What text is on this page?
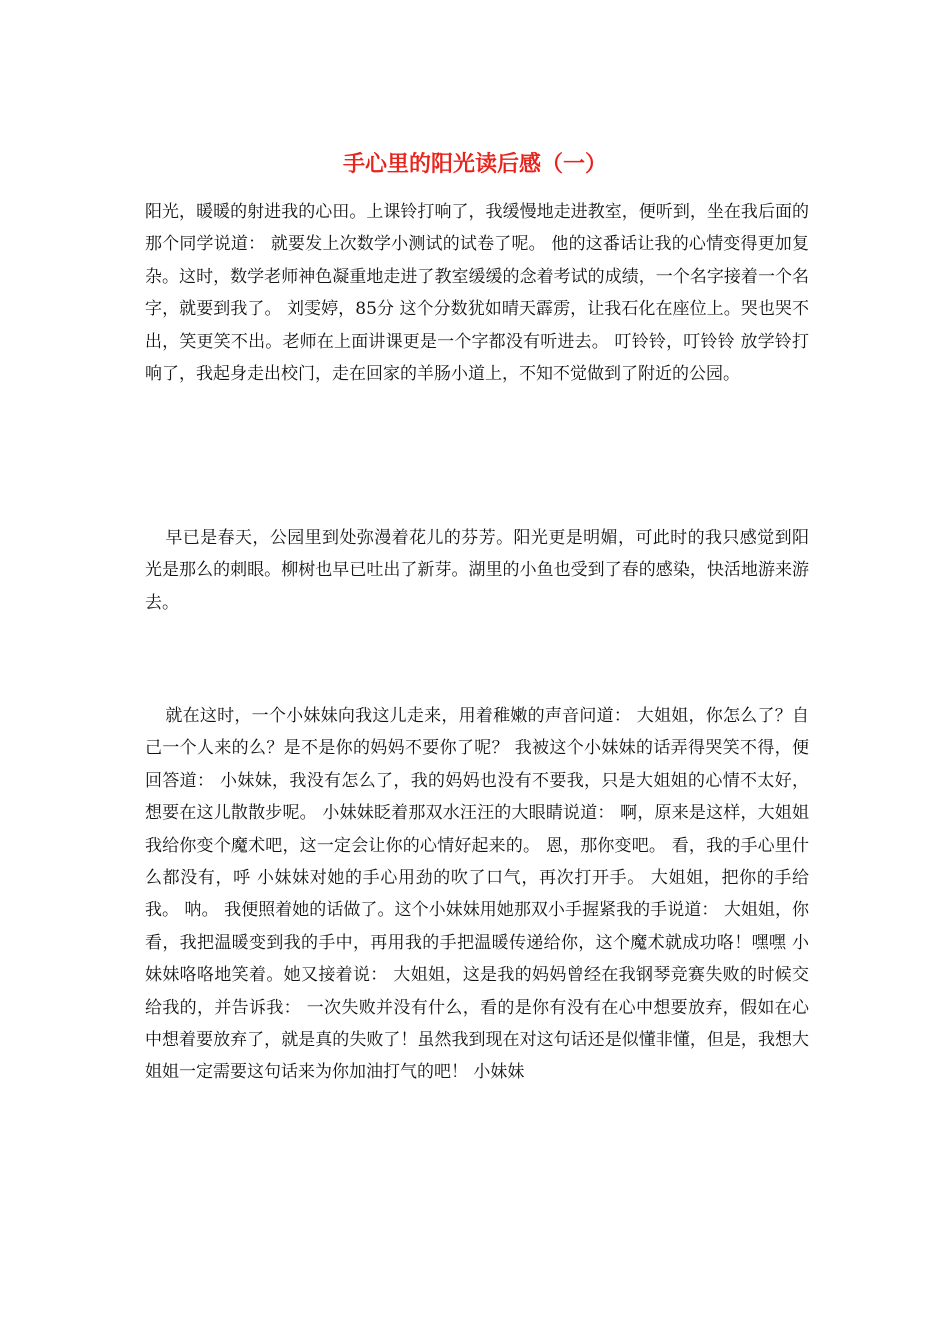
手心里的阳光读后感（一）

阳光，暖暖的射进我的心田。上课铃打响了，我缓慢地走进教室，便听到，坐在我后面的那个同学说道： 就要发上次数学小测试的试卷了呢。 他的这番话让我的心情变得更加复杂。这时，数学老师神色凝重地走进了教室缓缓的念着考试的成绩，一个名字接着一个名字，就要到我了。 刘雯婷，85分 这个分数犹如晴天霹雳，让我石化在座位上。哭也哭不出，笑更笑不出。老师在上面讲课更是一个字都没有听进去。 叮铃铃，叮铃铃 放学铃打响了，我起身走出校门，走在回家的羊肠小道上，不知不觉做到了附近的公园。

早已是春天，公园里到处弥漫着花儿的芬芳。阳光更是明媚，可此时的我只感觉到阳光是那么的刺眼。柳树也早已吐出了新芽。湖里的小鱼也受到了春的感染，快活地游来游去。

就在这时，一个小妹妹向我这儿走来，用着稚嫩的声音问道： 大姐姐，你怎么了？自己一个人来的么？是不是你的妈妈不要你了呢？ 我被这个小妹妹的话弄得哭笑不得，便回答道： 小妹妹，我没有怎么了，我的妈妈也没有不要我，只是大姐姐的心情不太好，想要在这儿散散步呢。 小妹妹眨着那双水汪汪的大眼睛说道： 啊，原来是这样，大姐姐我给你变个魔术吧，这一定会让你的心情好起来的。 恩，那你变吧。 看，我的手心里什么都没有，呼 小妹妹对她的手心用劲的吹了口气，再次打开手。 大姐姐，把你的手给我。 呐。 我便照着她的话做了。这个小妹妹用她那双小手握紧我的手说道： 大姐姐，你看，我把温暖变到我的手中，再用我的手把温暖传递给你，这个魔术就成功咯！嘿嘿 小妹妹咯咯地笑着。她又接着说： 大姐姐，这是我的妈妈曾经在我钢琴竞赛失败的时候交给我的，并告诉我： 一次失败并没有什么，看的是你有没有在心中想要放弃，假如在心中想着要放弃了，就是真的失败了！虽然我到现在对这句话还是似懂非懂，但是，我想大姐姐一定需要这句话来为你加油打气的吧！ 小妹妹
